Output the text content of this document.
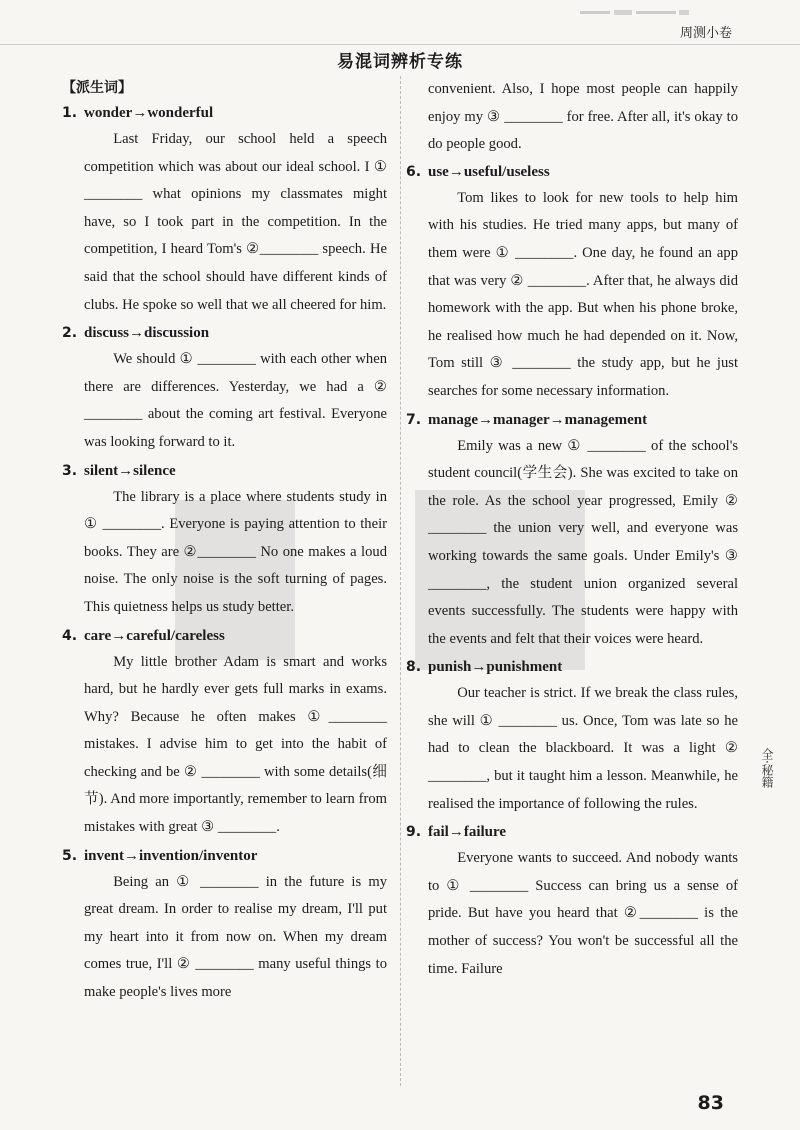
周测小卷
易混词辨析专练
【派生词】
1. wonder→wonderful
Last Friday, our school held a speech competition which was about our ideal school. I ① ________ what opinions my classmates might have, so I took part in the competition. In the competition, I heard Tom's ②________ speech. He said that the school should have different kinds of clubs. He spoke so well that we all cheered for him.
2. discuss→discussion
We should ① ________ with each other when there are differences. Yesterday, we had a ② ________ about the coming art festival. Everyone was looking forward to it.
3. silent→silence
The library is a place where students study in ① ________. Everyone is paying attention to their books. They are ②________ No one makes a loud noise. The only noise is the soft turning of pages. This quietness helps us study better.
4. care→careful/careless
My little brother Adam is smart and works hard, but he hardly ever gets full marks in exams. Why? Because he often makes ①________ mistakes. I advise him to get into the habit of checking and be ② ________ with some details(细节). And more importantly, remember to learn from mistakes with great ③ ________.
5. invent→invention/inventor
Being an ① ________ in the future is my great dream. In order to realise my dream, I'll put my heart into it from now on. When my dream comes true, I'll ② ________ many useful things to make people's lives more
convenient. Also, I hope most people can happily enjoy my ③ ________ for free. After all, it's okay to do people good.
6. use→useful/useless
Tom likes to look for new tools to help him with his studies. He tried many apps, but many of them were ① ________. One day, he found an app that was very ② ________. After that, he always did homework with the app. But when his phone broke, he realised how much he had depended on it. Now, Tom still ③ ________ the study app, but he just searches for some necessary information.
7. manage→manager→management
Emily was a new ① ________ of the school's student council(学生会). She was excited to take on the role. As the school year progressed, Emily ② ________ the union very well, and everyone was working towards the same goals. Under Emily's ③ ________, the student union organized several events successfully. The students were happy with the events and felt that their voices were heard.
8. punish→punishment
Our teacher is strict. If we break the class rules, she will ① ________ us. Once, Tom was late so he had to clean the blackboard. It was a light ② ________, but it taught him a lesson. Meanwhile, he realised the importance of following the rules.
9. fail→failure
Everyone wants to succeed. And nobody wants to ① ________ Success can bring us a sense of pride. But have you heard that ②________ is the mother of success? You won't be successful all the time. Failure
全·秘籍
83
